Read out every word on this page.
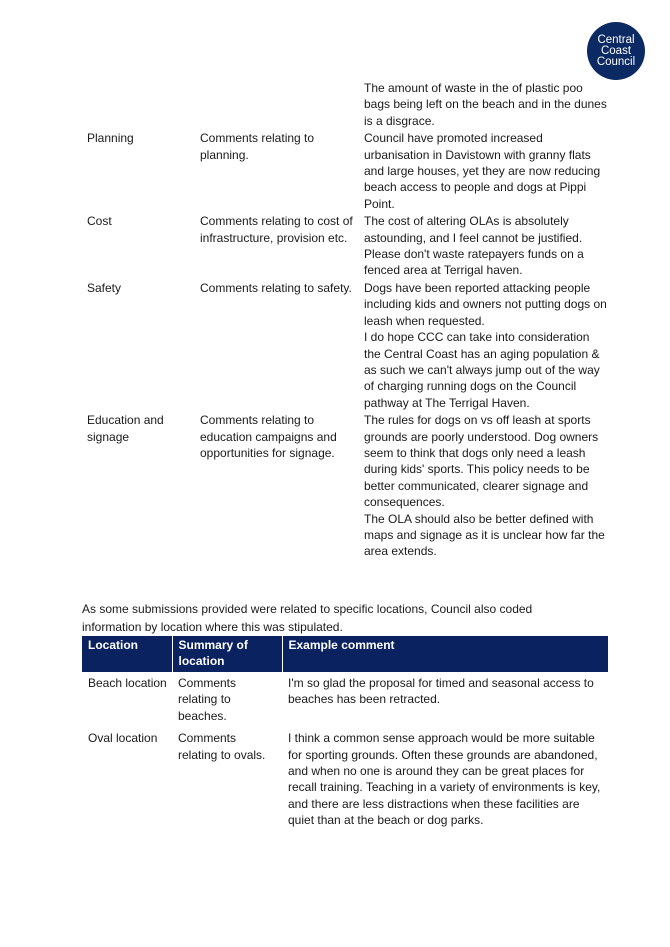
Central
Coast
Council
		The amount of waste in the of plastic poo bags being left on the beach and in the dunes is a disgrace.
Planning	Comments relating to planning.	Council have promoted increased urbanisation in Davistown with granny flats and large houses, yet they are now reducing beach access to people and dogs at Pippi Point.
Cost	Comments relating to cost of infrastructure, provision etc.	The cost of altering OLAs is absolutely astounding, and I feel cannot be justified. Please don't waste ratepayers funds on a fenced area at Terrigal haven.
Safety	Comments relating to safety.	Dogs have been reported attacking people including kids and owners not putting dogs on leash when requested.
I do hope CCC can take into consideration the Central Coast has an aging population & as such we can't always jump out of the way of charging running dogs on the Council pathway at The Terrigal Haven.

Education and signage	Comments relating to education campaigns and opportunities for signage.	The rules for dogs on vs off leash at sports grounds are poorly understood. Dog owners seem to think that dogs only need a leash during kids' sports. This policy needs to be better communicated, clearer signage and consequences.
The OLA should also be better defined with maps and signage as it is unclear how far the area extends.

As some submissions provided were related to specific locations, Council also coded information by location where this was stipulated.

Location	Summary of location	Example comment
Beach location	Comments relating to beaches.	I'm so glad the proposal for timed and seasonal access to beaches has been retracted.
Oval location	Comments relating to ovals.	I think a common sense approach would be more suitable for sporting grounds. Often these grounds are abandoned, and when no one is around they can be great places for recall training. Teaching in a variety of environments is key, and there are less distractions when these facilities are quiet than at the beach or dog parks.
